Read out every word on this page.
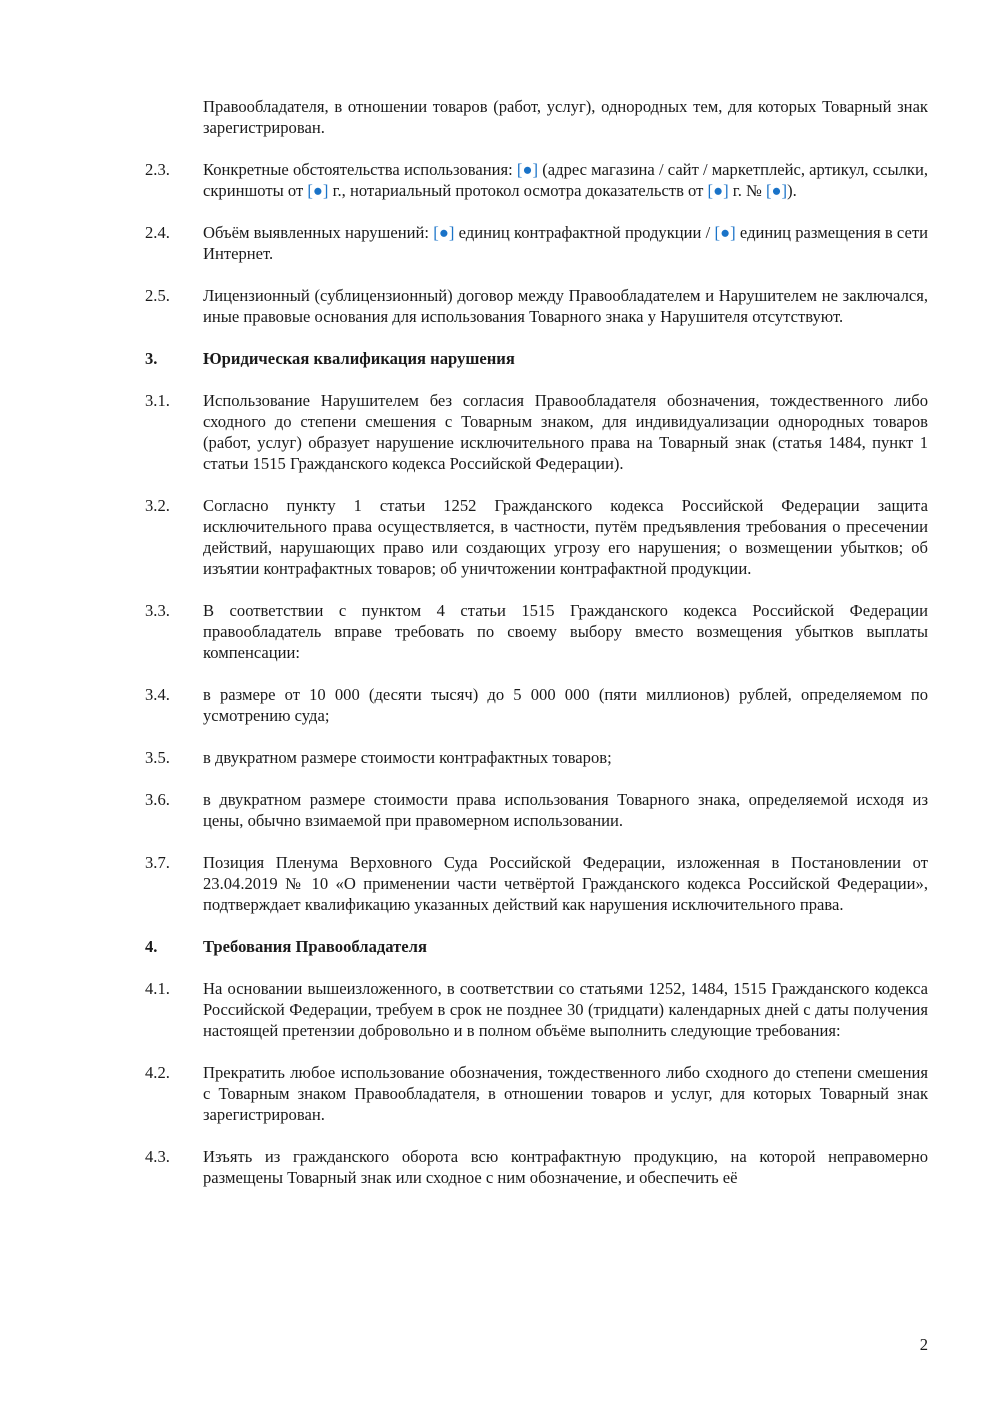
Правообладателя, в отношении товаров (работ, услуг), однородных тем, для которых Товарный знак зарегистрирован.
2.3.	Конкретные обстоятельства использования: [●] (адрес магазина / сайт / маркетплейс, артикул, ссылки, скриншоты от [●] г., нотариальный протокол осмотра доказательств от [●] г. № [●]).
2.4.	Объём выявленных нарушений: [●] единиц контрафактной продукции / [●] единиц размещения в сети Интернет.
2.5.	Лицензионный (сублицензионный) договор между Правообладателем и Нарушителем не заключался, иные правовые основания для использования Товарного знака у Нарушителя отсутствуют.
3.	Юридическая квалификация нарушения
3.1.	Использование Нарушителем без согласия Правообладателя обозначения, тождественного либо сходного до степени смешения с Товарным знаком, для индивидуализации однородных товаров (работ, услуг) образует нарушение исключительного права на Товарный знак (статья 1484, пункт 1 статьи 1515 Гражданского кодекса Российской Федерации).
3.2.	Согласно пункту 1 статьи 1252 Гражданского кодекса Российской Федерации защита исключительного права осуществляется, в частности, путём предъявления требования о пресечении действий, нарушающих право или создающих угрозу его нарушения; о возмещении убытков; об изъятии контрафактных товаров; об уничтожении контрафактной продукции.
3.3.	В соответствии с пунктом 4 статьи 1515 Гражданского кодекса Российской Федерации правообладатель вправе требовать по своему выбору вместо возмещения убытков выплаты компенсации:
3.4.	в размере от 10 000 (десяти тысяч) до 5 000 000 (пяти миллионов) рублей, определяемом по усмотрению суда;
3.5.	в двукратном размере стоимости контрафактных товаров;
3.6.	в двукратном размере стоимости права использования Товарного знака, определяемой исходя из цены, обычно взимаемой при правомерном использовании.
3.7.	Позиция Пленума Верховного Суда Российской Федерации, изложенная в Постановлении от 23.04.2019 № 10 «О применении части четвёртой Гражданского кодекса Российской Федерации», подтверждает квалификацию указанных действий как нарушения исключительного права.
4.	Требования Правообладателя
4.1.	На основании вышеизложенного, в соответствии со статьями 1252, 1484, 1515 Гражданского кодекса Российской Федерации, требуем в срок не позднее 30 (тридцати) календарных дней с даты получения настоящей претензии добровольно и в полном объёме выполнить следующие требования:
4.2.	Прекратить любое использование обозначения, тождественного либо сходного до степени смешения с Товарным знаком Правообладателя, в отношении товаров и услуг, для которых Товарный знак зарегистрирован.
4.3.	Изъять из гражданского оборота всю контрафактную продукцию, на которой неправомерно размещены Товарный знак или сходное с ним обозначение, и обеспечить её
2
